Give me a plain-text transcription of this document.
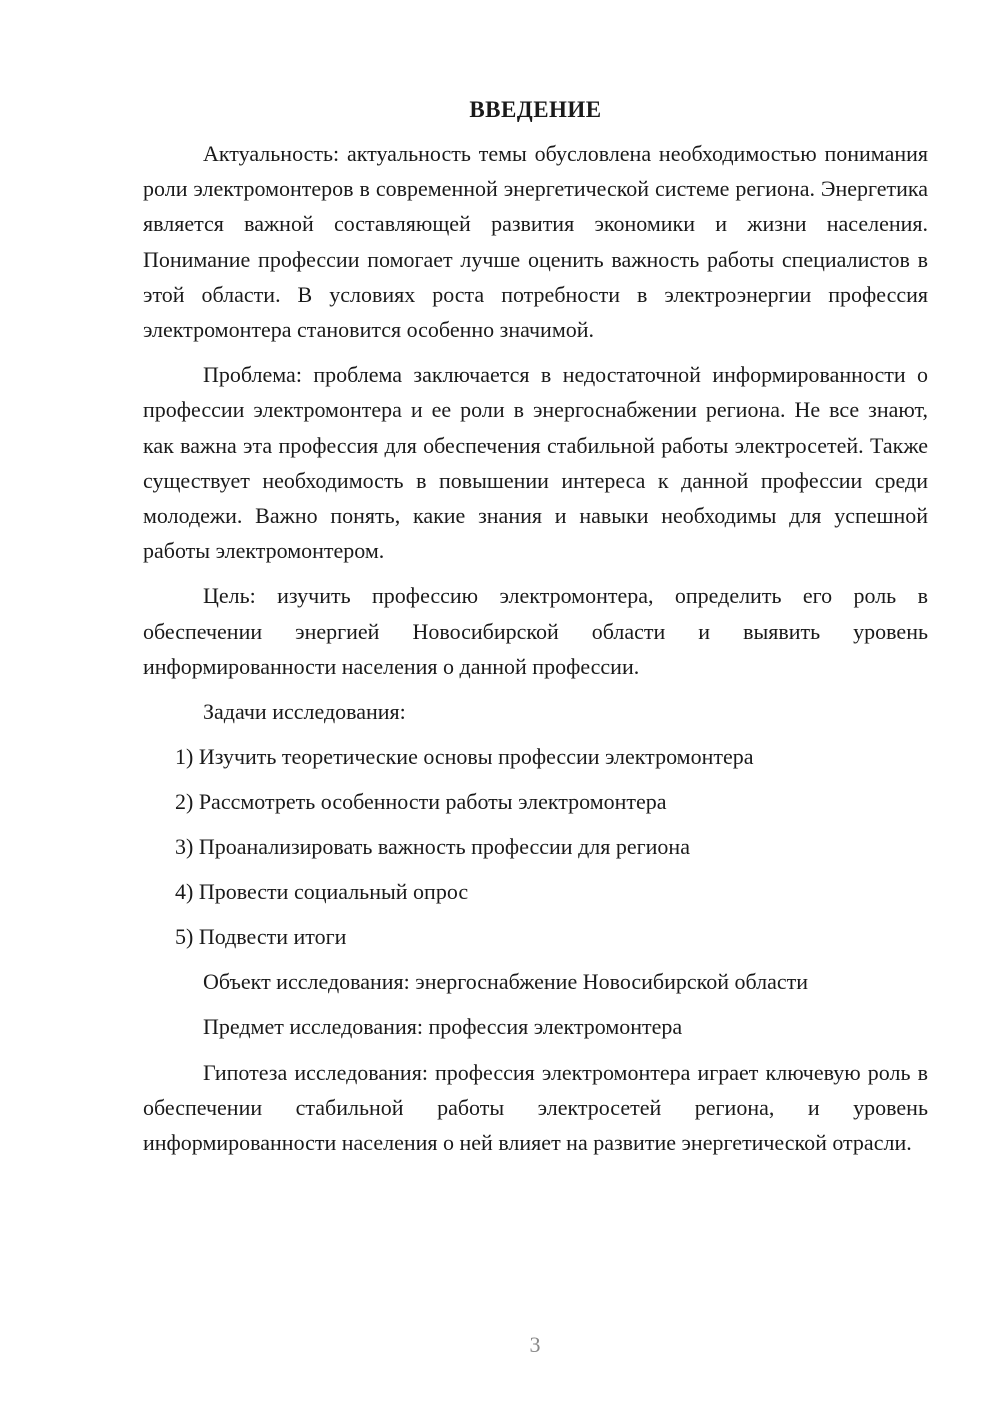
ВВЕДЕНИЕ

Актуальность: актуальность темы обусловлена необходимостью понимания роли электромонтеров в современной энергетической системе региона. Энергетика является важной составляющей развития экономики и жизни населения. Понимание профессии помогает лучше оценить важность работы специалистов в этой области. В условиях роста потребности в электроэнергии профессия электромонтера становится особенно значимой.

Проблема: проблема заключается в недостаточной информированности о профессии электромонтера и ее роли в энергоснабжении региона. Не все знают, как важна эта профессия для обеспечения стабильной работы электросетей. Также существует необходимость в повышении интереса к данной профессии среди молодежи. Важно понять, какие знания и навыки необходимы для успешной работы электромонтером.

Цель: изучить профессию электромонтера, определить его роль в обеспечении энергией Новосибирской области и выявить уровень информированности населения о данной профессии.

Задачи исследования:

1) Изучить теоретические основы профессии электромонтера
2) Рассмотреть особенности работы электромонтера
3) Проанализировать важность профессии для региона
4) Провести социальный опрос
5) Подвести итоги

Объект исследования: энергоснабжение Новосибирской области

Предмет исследования: профессия электромонтера

Гипотеза исследования: профессия электромонтера играет ключевую роль в обеспечении стабильной работы электросетей региона, и уровень информированности населения о ней влияет на развитие энергетической отрасли.

3
